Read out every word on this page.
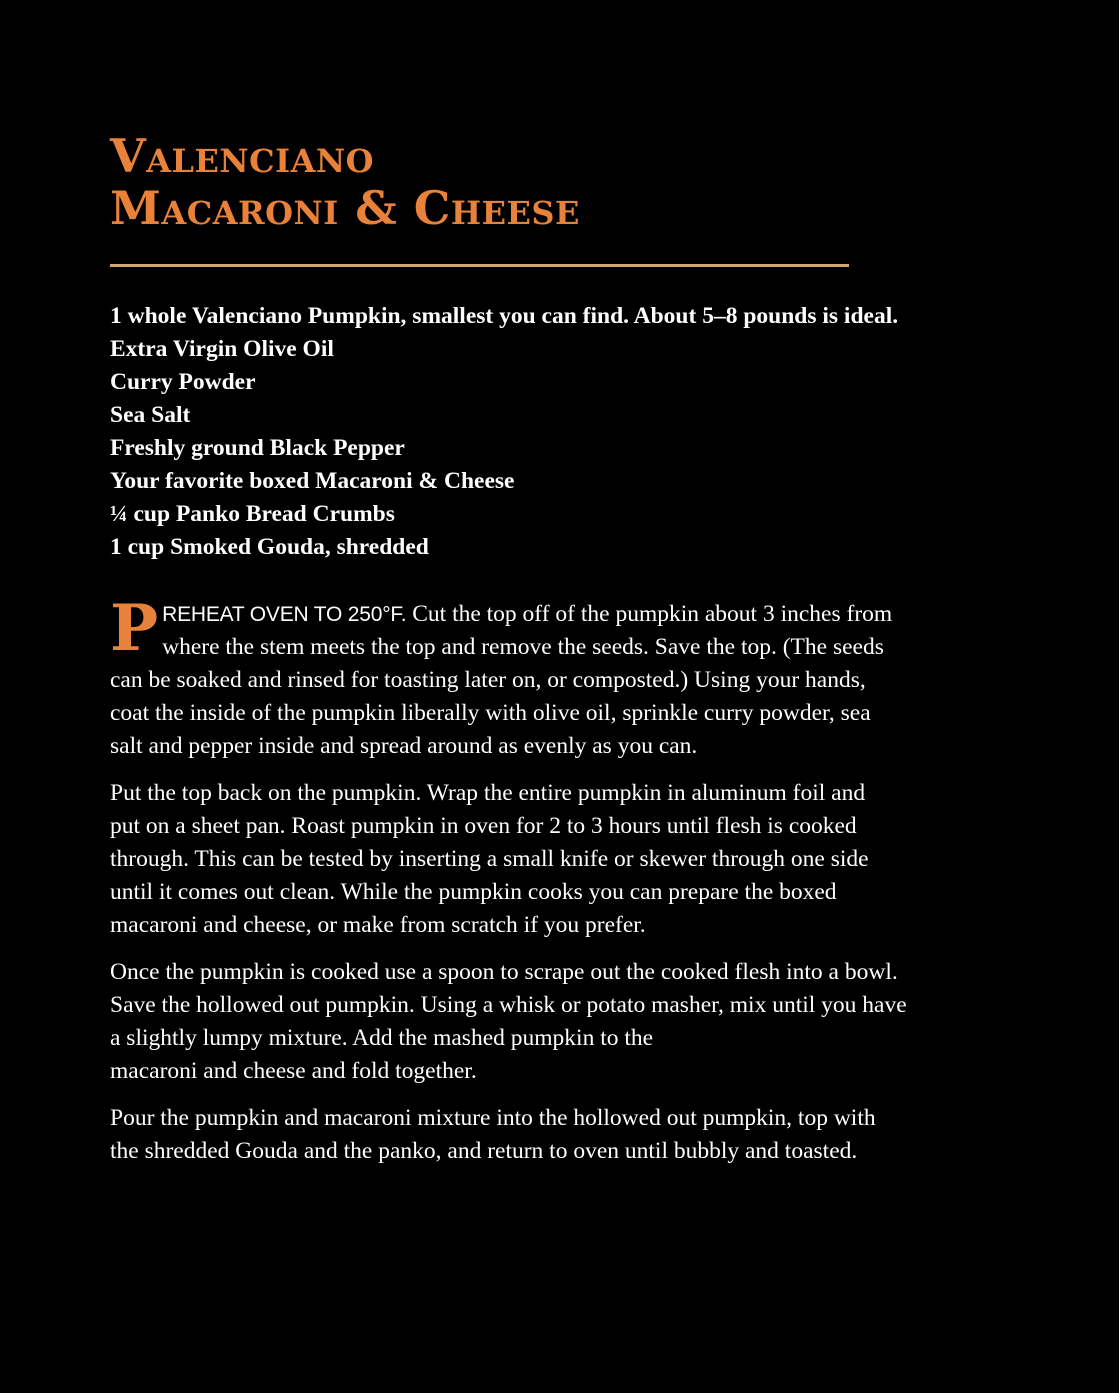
Valenciano
Macaroni & Cheese
1 whole Valenciano Pumpkin, smallest you can find. About 5–8 pounds is ideal.
Extra Virgin Olive Oil
Curry Powder
Sea Salt
Freshly ground Black Pepper
Your favorite boxed Macaroni & Cheese
¼ cup Panko Bread Crumbs
1 cup Smoked Gouda, shredded

P REHEAT OVEN TO 250°F. Cut the top off of the pumpkin about 3 inches from
where the stem meets the top and remove the seeds. Save the top. (The seeds
can be soaked and rinsed for toasting later on, or composted.) Using your hands,
coat the inside of the pumpkin liberally with olive oil, sprinkle curry powder, sea
salt and pepper inside and spread around as evenly as you can.

Put the top back on the pumpkin. Wrap the entire pumpkin in aluminum foil and
put on a sheet pan. Roast pumpkin in oven for 2 to 3 hours until flesh is cooked
through. This can be tested by inserting a small knife or skewer through one side
until it comes out clean. While the pumpkin cooks you can prepare the boxed
macaroni and cheese, or make from scratch if you prefer.

Once the pumpkin is cooked use a spoon to scrape out the cooked flesh into a bowl.
Save the hollowed out pumpkin. Using a whisk or potato masher, mix until you have
a slightly lumpy mixture. Add the mashed pumpkin to the
macaroni and cheese and fold together.

Pour the pumpkin and macaroni mixture into the hollowed out pumpkin, top with
the shredded Gouda and the panko, and return to oven until bubbly and toasted.
